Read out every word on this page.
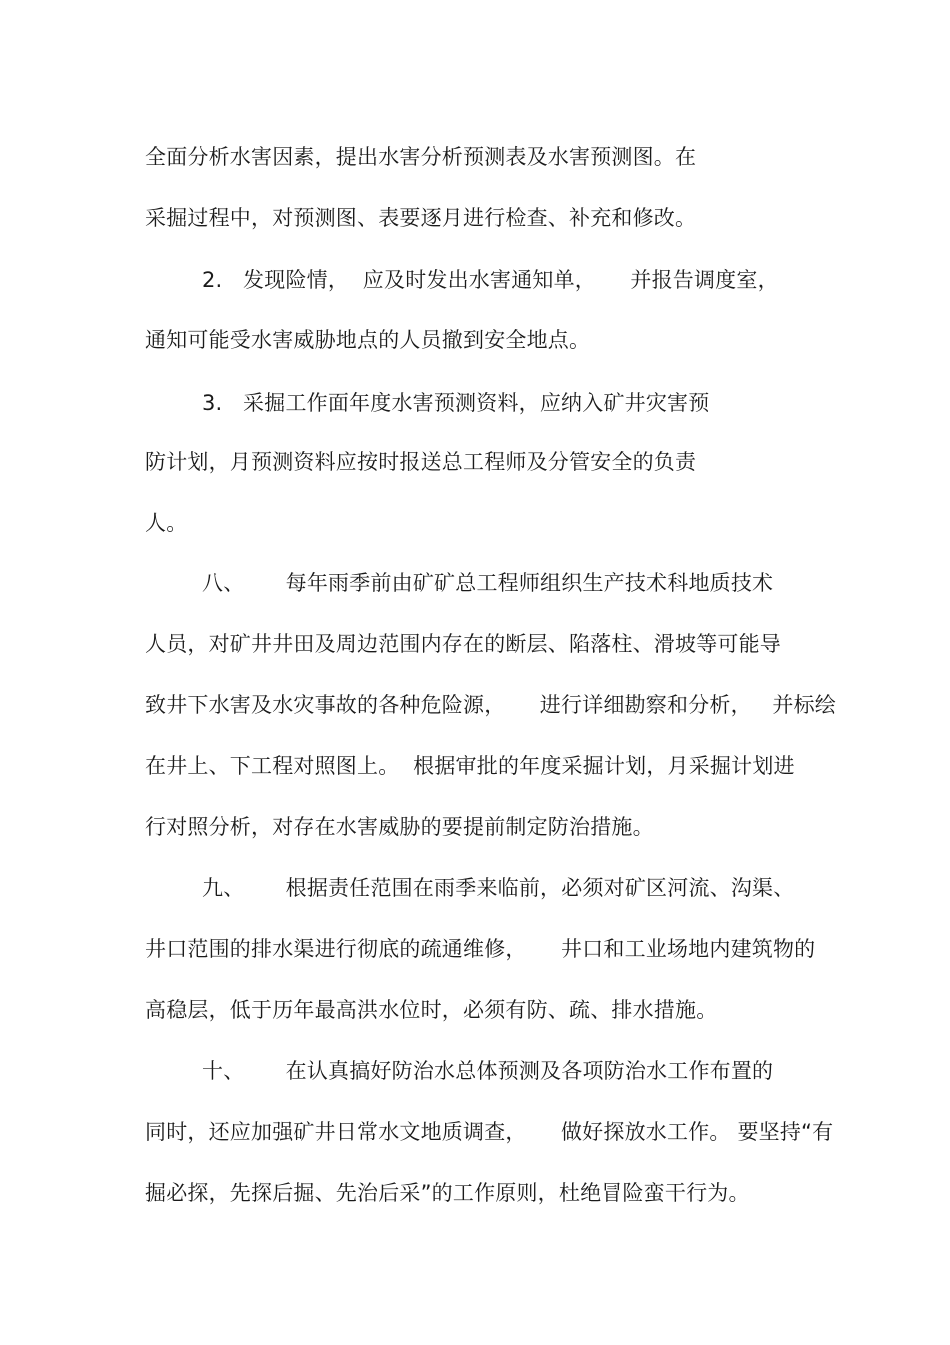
全面分析水害因素，提出水害分析预测表及水害预测图。在
采掘过程中，对预测图、表要逐月进行检查、补充和修改。
2.   发现险情，  应及时发出水害通知单，     并报告调度室，
通知可能受水害威胁地点的人员撤到安全地点。
3.   采掘工作面年度水害预测资料，应纳入矿井灾害预
防计划，月预测资料应按时报送总工程师及分管安全的负责
人。
八、      每年雨季前由矿矿总工程师组织生产技术科地质技术
人员，对矿井井田及周边范围内存在的断层、陷落柱、滑坡等可能导
致井下水害及水灾事故的各种危险源，     进行详细勘察和分析，   并标绘
在井上、下工程对照图上。  根据审批的年度采掘计划，月采掘计划进
行对照分析，对存在水害威胁的要提前制定防治措施。
九、      根据责任范围在雨季来临前，必须对矿区河流、沟渠、
井口范围的排水渠进行彻底的疏通维修，     井口和工业场地内建筑物的
高稳层，低于历年最高洪水位时，必须有防、疏、排水措施。
十、      在认真搞好防治水总体预测及各项防治水工作布置的
同时，还应加强矿井日常水文地质调查，     做好探放水工作。 要坚持“有
掘必探，先探后掘、先治后采”的工作原则，杜绝冒险蛮干行为。
